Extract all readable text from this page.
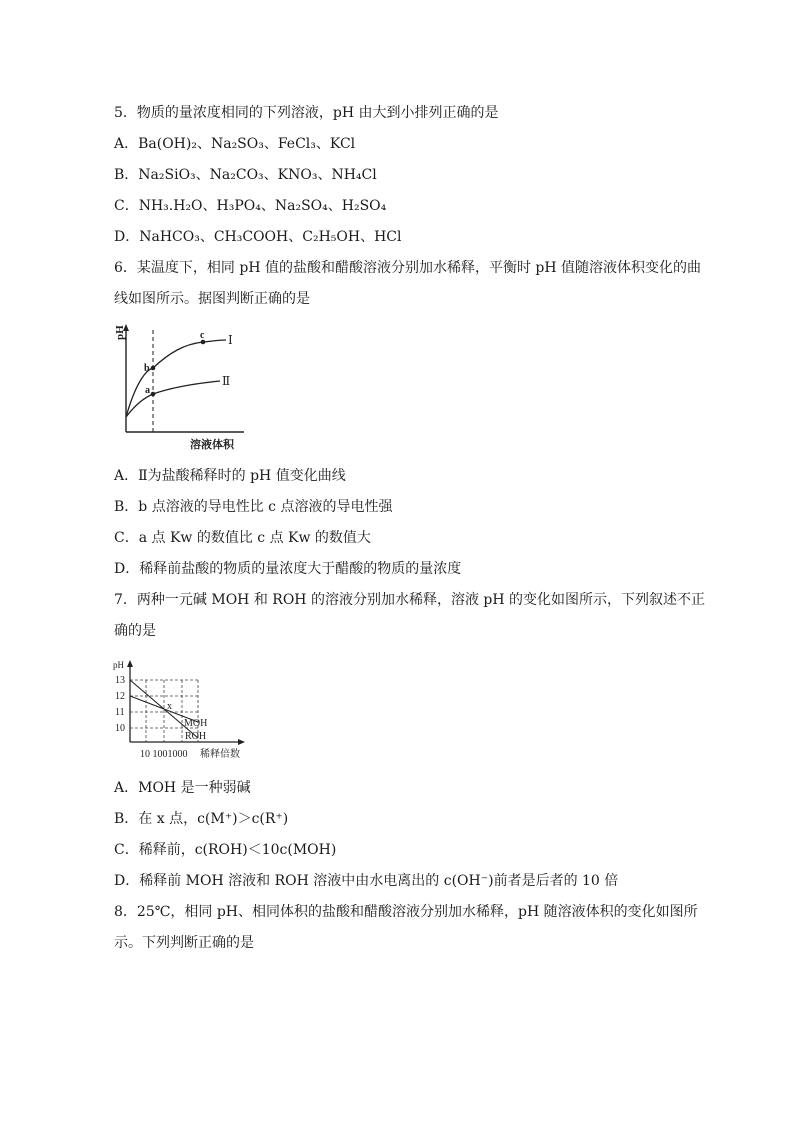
5．物质的量浓度相同的下列溶液，pH 由大到小排列正确的是
A．Ba(OH)₂、Na₂SO₃、FeCl₃、KCl
B．Na₂SiO₃、Na₂CO₃、KNO₃、NH₄Cl
C．NH₃.H₂O、H₃PO₄、Na₂SO₄、H₂SO₄
D．NaHCO₃、CH₃COOH、C₂H₅OH、HCl
6．某温度下，相同 pH 值的盐酸和醋酸溶液分别加水稀释，平衡时 pH 值随溶液体积变化的曲
线如图所示。据图判断正确的是
pH
b
a
c Ⅰ
Ⅱ
溶液体积
A．Ⅱ为盐酸稀释时的 pH 值变化曲线
B．b 点溶液的导电性比 c 点溶液的导电性强
C．a 点 Kw 的数值比 c 点 Kw 的数值大
D．稀释前盐酸的物质的量浓度大于醋酸的物质的量浓度
7．两种一元碱 MOH 和 ROH 的溶液分别加水稀释，溶液 pH 的变化如图所示，下列叙述不正
确的是
13
12
11
10
pH
x
MOH
ROH
10 1001000 稀释倍数
A．MOH 是一种弱碱
B．在 x 点，c(M⁺)＞c(R⁺)
C．稀释前，c(ROH)＜10c(MOH)
D．稀释前 MOH 溶液和 ROH 溶液中由水电离出的 c(OH⁻)前者是后者的 10 倍
8．25℃，相同 pH、相同体积的盐酸和醋酸溶液分别加水稀释，pH 随溶液体积的变化如图所
示。下列判断正确的是
